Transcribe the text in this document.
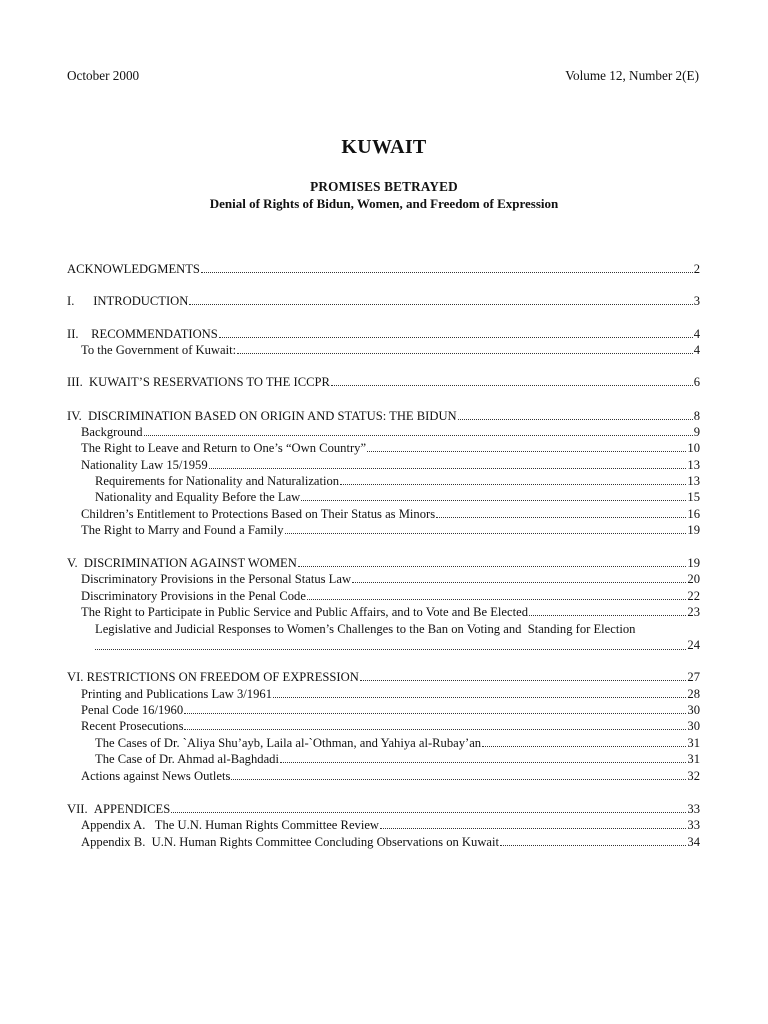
October 2000	Volume 12, Number 2(E)
KUWAIT
PROMISES BETRAYED
Denial of Rights of Bidun, Women, and Freedom of Expression
ACKNOWLEDGMENTS	2
I.      INTRODUCTION	3
II.    RECOMMENDATIONS	4
To the Government of Kuwait:	4
III.  KUWAIT’S RESERVATIONS TO THE ICCPR	6
IV.  DISCRIMINATION BASED ON ORIGIN AND STATUS: THE BIDUN	8
Background	9
The Right to Leave and Return to One’s “Own Country”	10
Nationality Law 15/1959	13
Requirements for Nationality and Naturalization	13
Nationality and Equality Before the Law	15
Children’s Entitlement to Protections Based on Their Status as Minors	16
The Right to Marry and Found a Family	19
V.  DISCRIMINATION AGAINST WOMEN	19
Discriminatory Provisions in the Personal Status Law	20
Discriminatory Provisions in the Penal Code	22
The Right to Participate in Public Service and Public Affairs, and to Vote and Be Elected	23
Legislative and Judicial Responses to Women’s Challenges to the Ban on Voting and  Standing for Election
24
VI. RESTRICTIONS ON FREEDOM OF EXPRESSION	27
Printing and Publications Law 3/1961	28
Penal Code 16/1960	30
Recent Prosecutions	30
The Cases of Dr. `Aliya Shu’ayb, Laila al-`Othman, and Yahiya al-Rubay’an	31
The Case of Dr. Ahmad al-Baghdadi	31
Actions against News Outlets	32
VII.  APPENDICES	33
Appendix A.   The U.N. Human Rights Committee Review	33
Appendix B.  U.N. Human Rights Committee Concluding Observations on Kuwait	34
